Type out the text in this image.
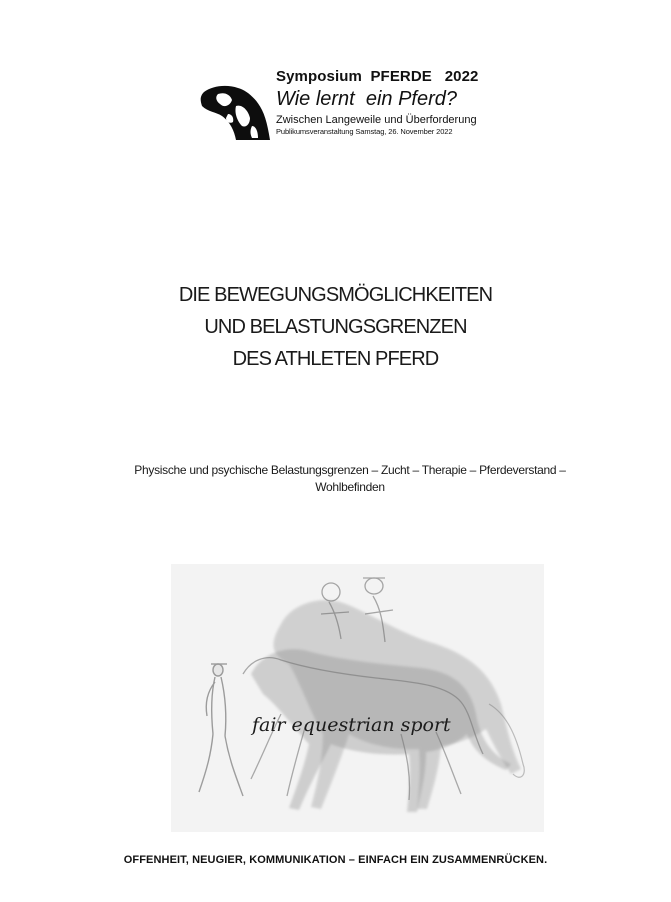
Symposium  PFERDE   2022
Wie lernt  ein Pferd?
Zwischen Langeweile und Überforderung
Publikumsveranstaltung Samstag, 26. November 2022
DIE BEWEGUNGSMÖGLICHKEITEN
UND BELASTUNGSGRENZEN
DES ATHLETEN PFERD
Physische und psychische Belastungsgrenzen – Zucht – Therapie – Pferdeverstand –
Wohlbefinden
fair equestrian sport
OFFENHEIT, NEUGIER, KOMMUNIKATION – EINFACH EIN ZUSAMMENRÜCKEN.
